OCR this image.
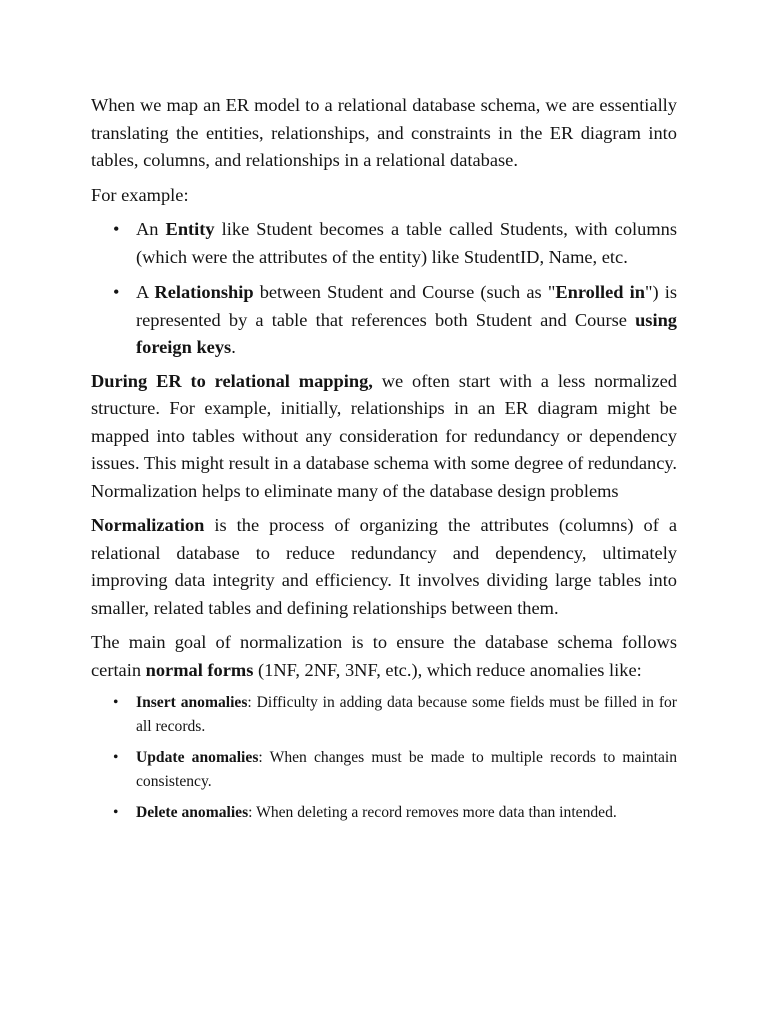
When we map an ER model to a relational database schema, we are essentially translating the entities, relationships, and constraints in the ER diagram into tables, columns, and relationships in a relational database.

For example:

• An Entity like Student becomes a table called Students, with columns (which were the attributes of the entity) like StudentID, Name, etc.
• A Relationship between Student and Course (such as "Enrolled in") is represented by a table that references both Student and Course using foreign keys.

During ER to relational mapping, we often start with a less normalized structure. For example, initially, relationships in an ER diagram might be mapped into tables without any consideration for redundancy or dependency issues. This might result in a database schema with some degree of redundancy. Normalization helps to eliminate many of the database design problems

Normalization is the process of organizing the attributes (columns) of a relational database to reduce redundancy and dependency, ultimately improving data integrity and efficiency. It involves dividing large tables into smaller, related tables and defining relationships between them.

The main goal of normalization is to ensure the database schema follows certain normal forms (1NF, 2NF, 3NF, etc.), which reduce anomalies like:

• Insert anomalies: Difficulty in adding data because some fields must be filled in for all records.
• Update anomalies: When changes must be made to multiple records to maintain consistency.
• Delete anomalies: When deleting a record removes more data than intended.
